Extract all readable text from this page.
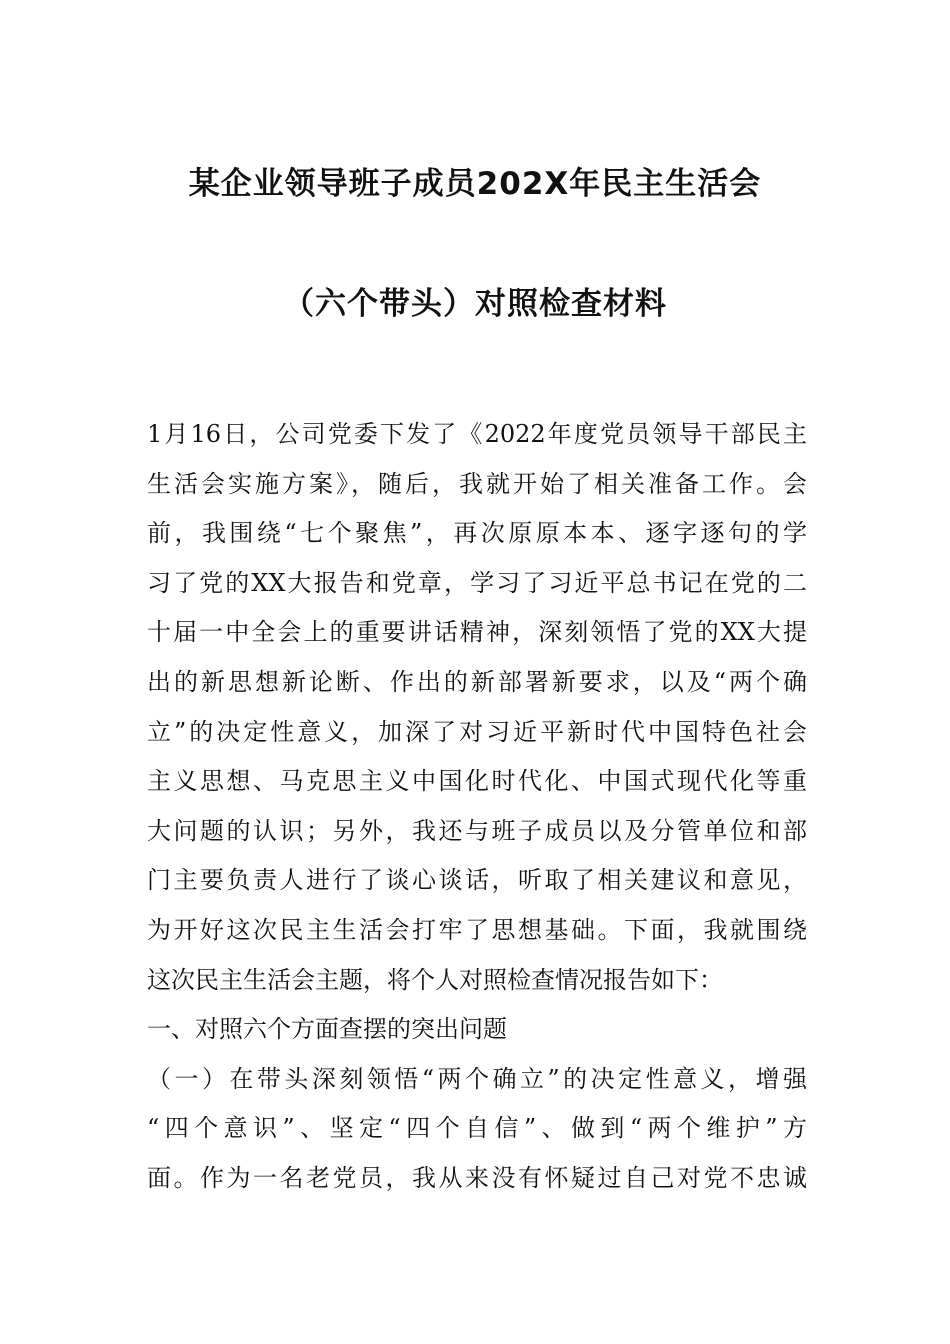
某企业领导班子成员202X年民主生活会
（六个带头）对照检查材料
1月16日，公司党委下发了《2022年度党员领导干部民主
生活会实施方案》，随后，我就开始了相关准备工作。会
前，我围绕“七个聚焦”，再次原原本本、逐字逐句的学
习了党的XX大报告和党章，学习了习近平总书记在党的二
十届一中全会上的重要讲话精神，深刻领悟了党的XX大提
出的新思想新论断、作出的新部署新要求，以及“两个确
立”的决定性意义，加深了对习近平新时代中国特色社会
主义思想、马克思主义中国化时代化、中国式现代化等重
大问题的认识；另外，我还与班子成员以及分管单位和部
门主要负责人进行了谈心谈话，听取了相关建议和意见，
为开好这次民主生活会打牢了思想基础。下面，我就围绕
这次民主生活会主题，将个人对照检查情况报告如下：
一、对照六个方面查摆的突出问题
（一）在带头深刻领悟“两个确立”的决定性意义，增强
“四个意识”、坚定“四个自信”、做到“两个维护”方
面。作为一名老党员，我从来没有怀疑过自己对党不忠诚
